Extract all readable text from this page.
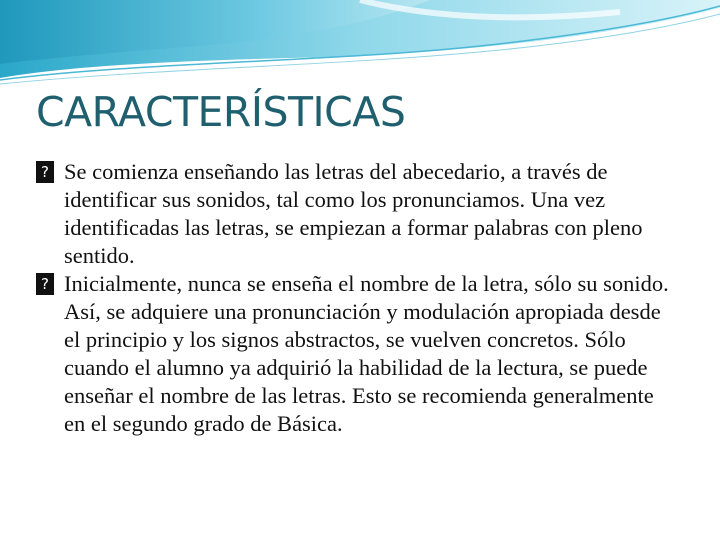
CARACTERÍSTICAS

? Se comienza enseñando las letras del abecedario, a través de identificar sus sonidos, tal como los pronunciamos. Una vez identificadas las letras, se empiezan a formar palabras con pleno sentido.

? Inicialmente, nunca se enseña el nombre de la letra, sólo su sonido. Así, se adquiere una pronunciación y modulación apropiada desde el principio y los signos abstractos, se vuelven concretos. Sólo cuando el alumno ya adquirió la habilidad de la lectura, se puede enseñar el nombre de las letras. Esto se recomienda generalmente en el segundo grado de Básica.
